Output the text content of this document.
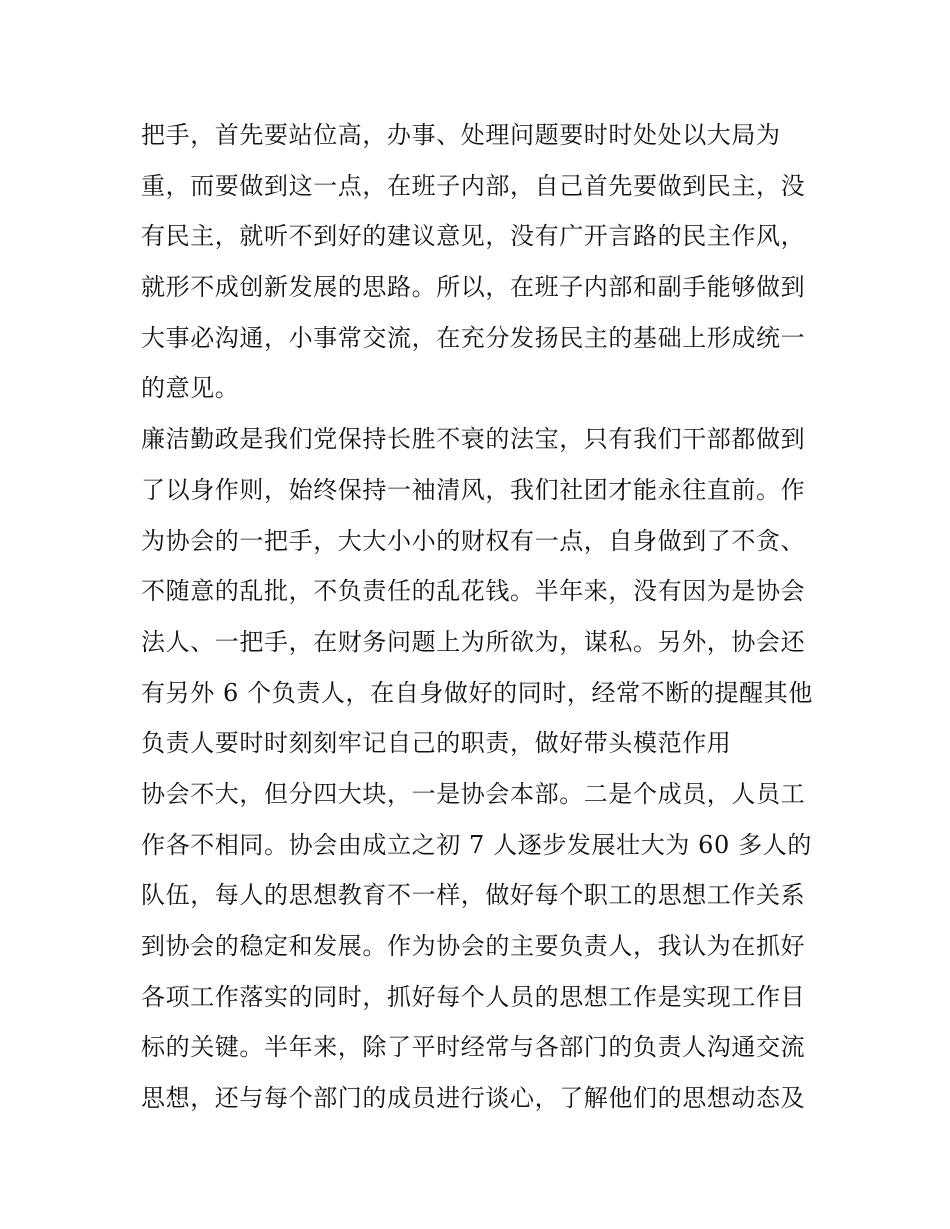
把手，首先要站位高，办事、处理问题要时时处处以大局为
重，而要做到这一点，在班子内部，自己首先要做到民主，没
有民主，就听不到好的建议意见，没有广开言路的民主作风，
就形不成创新发展的思路。所以，在班子内部和副手能够做到
大事必沟通，小事常交流，在充分发扬民主的基础上形成统一
的意见。
廉洁勤政是我们党保持长胜不衰的法宝，只有我们干部都做到
了以身作则，始终保持一袖清风，我们社团才能永往直前。作
为协会的一把手，大大小小的财权有一点，自身做到了不贪、
不随意的乱批，不负责任的乱花钱。半年来，没有因为是协会
法人、一把手，在财务问题上为所欲为，谋私。另外，协会还
有另外 6 个负责人，在自身做好的同时，经常不断的提醒其他
负责人要时时刻刻牢记自己的职责，做好带头模范作用
协会不大，但分四大块，一是协会本部。二是个成员，人员工
作各不相同。协会由成立之初 7 人逐步发展壮大为 60 多人的
队伍，每人的思想教育不一样，做好每个职工的思想工作关系
到协会的稳定和发展。作为协会的主要负责人，我认为在抓好
各项工作落实的同时，抓好每个人员的思想工作是实现工作目
标的关键。半年来，除了平时经常与各部门的负责人沟通交流
思想，还与每个部门的成员进行谈心，了解他们的思想动态及
